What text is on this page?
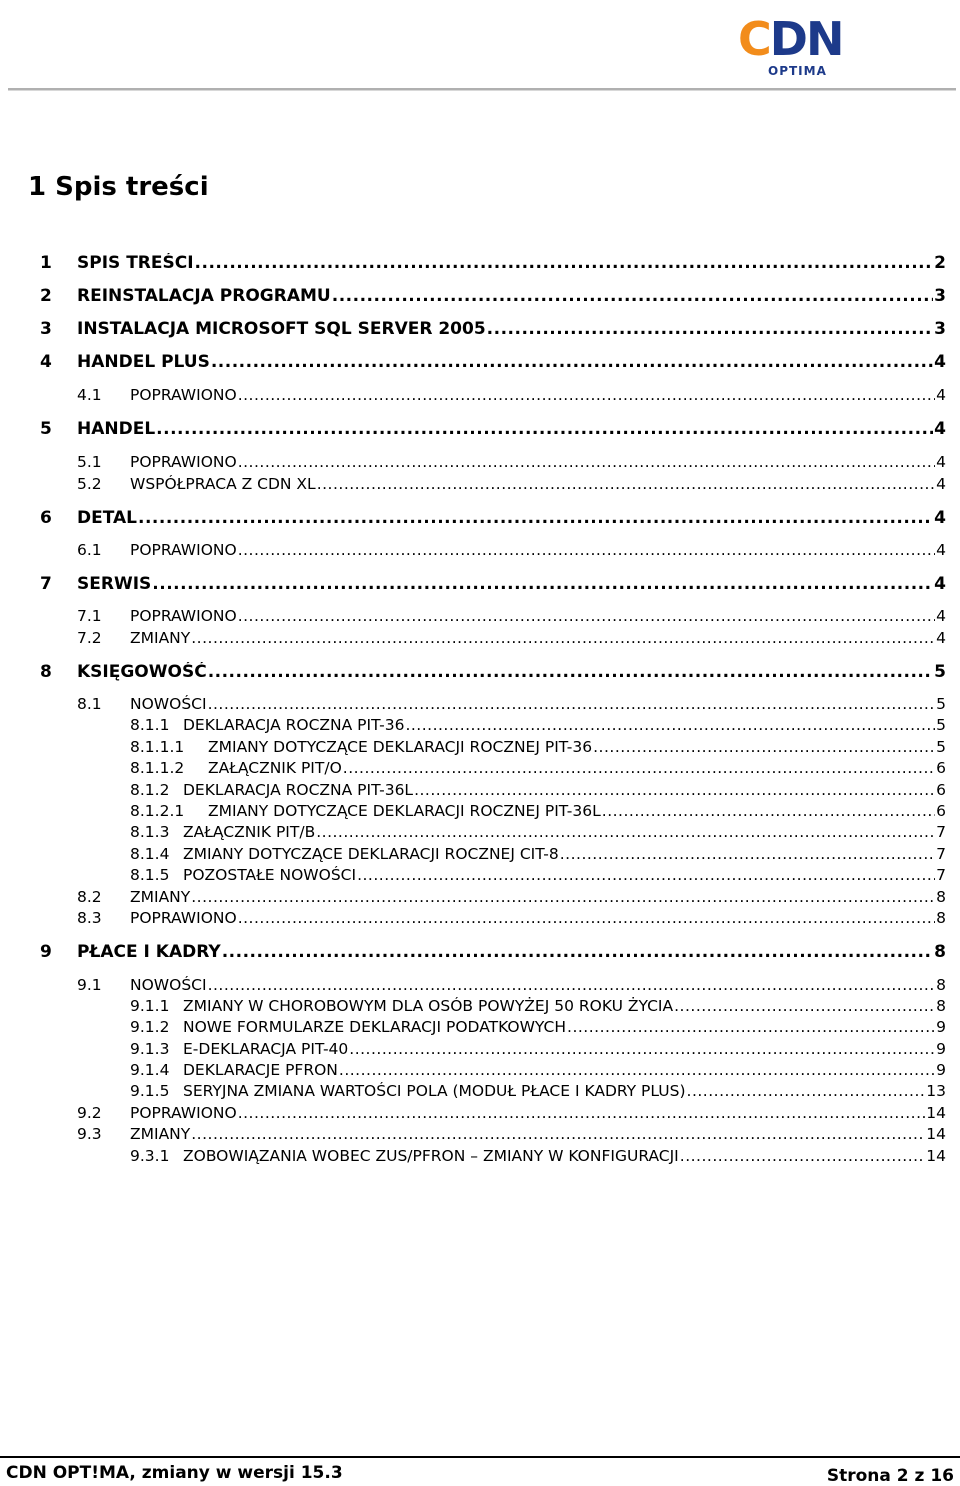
CDN
OPTIMA
1 Spis treści
1 SPIS TREŚCI .....	2
2 REINSTALACJA PROGRAMU .....	3
3 INSTALACJA MICROSOFT SQL SERVER 2005 .....	3
4 HANDEL PLUS .....	4
4.1 POPRAWIONO .....	4
5 HANDEL .....	4
5.1 POPRAWIONO .....	4
5.2 WSPÓŁPRACA Z CDN XL .....	4
6 DETAL .....	4
6.1 POPRAWIONO .....	4
7 SERWIS .....	4
7.1 POPRAWIONO .....	4
7.2 ZMIANY .....	4
8 KSIĘGOWOŚĆ .....	5
8.1 NOWOŚCI .....	5
8.1.1 DEKLARACJA ROCZNA PIT-36 .....	5
8.1.1.1 ZMIANY DOTYCZĄCE DEKLARACJI ROCZNEJ PIT-36 .....	5
8.1.1.2 ZAŁĄCZNIK PIT/O .....	6
8.1.2 DEKLARACJA ROCZNA PIT-36L .....	6
8.1.2.1 ZMIANY DOTYCZĄCE DEKLARACJI ROCZNEJ PIT-36L .....	6
8.1.3 ZAŁĄCZNIK PIT/B .....	7
8.1.4 ZMIANY DOTYCZĄCE DEKLARACJI ROCZNEJ CIT-8 .....	7
8.1.5 POZOSTAŁE NOWOŚCI .....	7
8.2 ZMIANY .....	8
8.3 POPRAWIONO .....	8
9 PŁACE I KADRY .....	8
9.1 NOWOŚCI .....	8
9.1.1 ZMIANY W CHOROBOWYM DLA OSÓB POWYŻEJ 50 ROKU ŻYCIA .....	8
9.1.2 NOWE FORMULARZE DEKLARACJI PODATKOWYCH .....	9
9.1.3 E-DEKLARACJA PIT-40 .....	9
9.1.4 DEKLARACJE PFRON .....	9
9.1.5 SERYJNA ZMIANA WARTOŚCI POLA (MODUŁ PŁACE I KADRY PLUS) .....	13
9.2 POPRAWIONO .....	14
9.3 ZMIANY .....	14
9.3.1 ZOBOWIĄZANIA WOBEC ZUS/PFRON – ZMIANY W KONFIGURACJI .....	14
CDN OPT!MA, zmiany w wersji 15.3	Strona 2 z 16
